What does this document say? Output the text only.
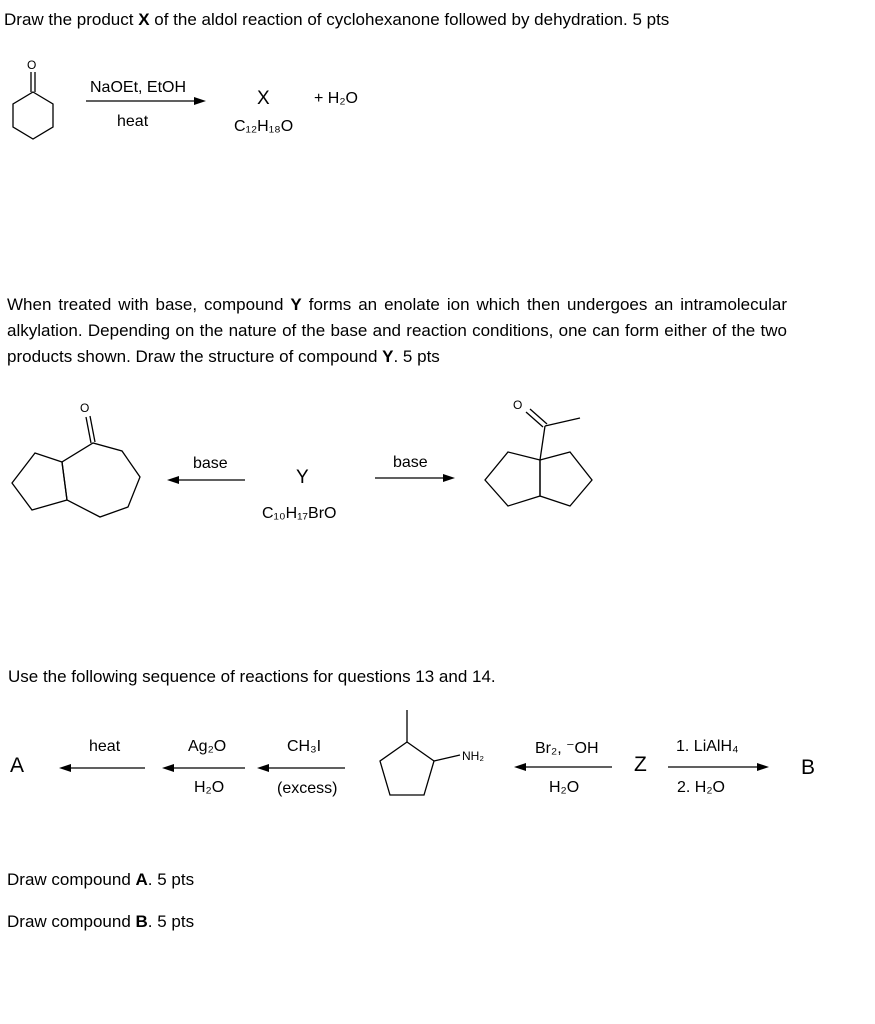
Draw the product X of the aldol reaction of cyclohexanone followed by dehydration. 5 pts
O
NaOEt, EtOH
heat
X	+ H₂O
C₁₂H₁₈O
When treated with base, compound Y forms an enolate ion which then undergoes an intramolecular alkylation. Depending on the nature of the base and reaction conditions, one can form either of the two products shown. Draw the structure of compound Y. 5 pts
O	O
base	base
Y
C₁₀H₁₇BrO
Use the following sequence of reactions for questions 13 and 14.
NH₂
A
heat	Ag₂O
H₂O
CH₃I
(excess)
Br₂, ⁻OH
H₂O
Z
1. LiAlH₄
2. H₂O
B
Draw compound A. 5 pts
Draw compound B. 5 pts
